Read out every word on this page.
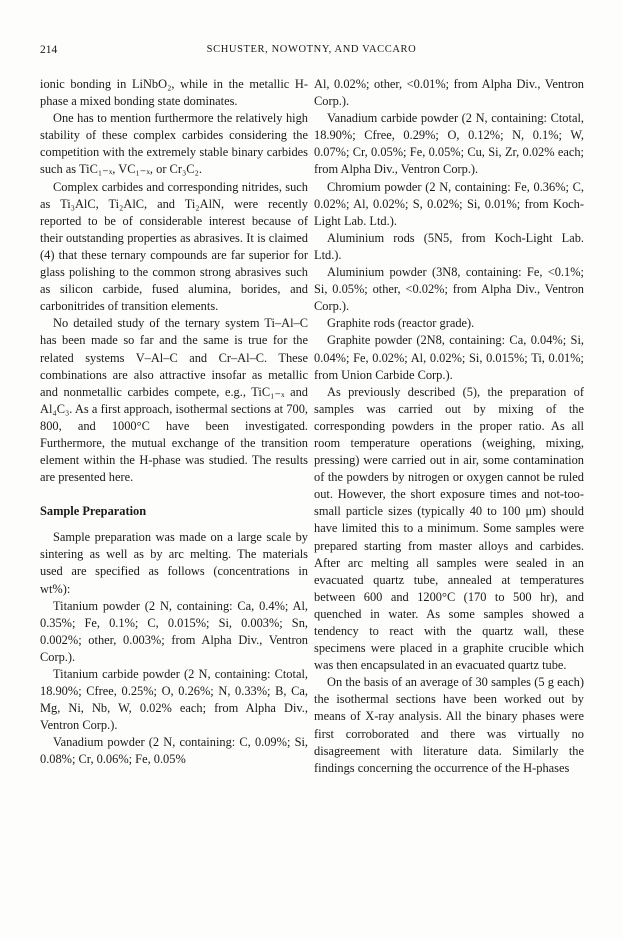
214	SCHUSTER, NOWOTNY, AND VACCARO

ionic bonding in LiNbO₂, while in the metallic H-phase a mixed bonding state dominates.

One has to mention furthermore the relatively high stability of these complex carbides considering the competition with the extremely stable binary carbides such as TiC₁₋ₓ, VC₁₋ₓ, or Cr₃C₂.

Complex carbides and corresponding nitrides, such as Ti₃AlC, Ti₂AlC, and Ti₂AlN, were recently reported to be of considerable interest because of their outstanding properties as abrasives. It is claimed (4) that these ternary compounds are far superior for glass polishing to the common strong abrasives such as silicon carbide, fused alumina, borides, and carbonitrides of transition elements.

No detailed study of the ternary system Ti–Al–C has been made so far and the same is true for the related systems V–Al–C and Cr–Al–C. These combinations are also attractive insofar as metallic and nonmetallic carbides compete, e.g., TiC₁₋ₓ and Al₄C₃. As a first approach, isothermal sections at 700, 800, and 1000°C have been investigated. Furthermore, the mutual exchange of the transition element within the H-phase was studied. The results are presented here.

Sample Preparation

Sample preparation was made on a large scale by sintering as well as by arc melting. The materials used are specified as follows (concentrations in wt%):

Titanium powder (2 N, containing: Ca, 0.4%; Al, 0.35%; Fe, 0.1%; C, 0.015%; Si, 0.003%; Sn, 0.002%; other, 0.003%; from Alpha Div., Ventron Corp.).

Titanium carbide powder (2 N, containing: Ctotal, 18.90%; Cfree, 0.25%; O, 0.26%; N, 0.33%; B, Ca, Mg, Ni, Nb, W, 0.02% each; from Alpha Div., Ventron Corp.).

Vanadium powder (2 N, containing: C, 0.09%; Si, 0.08%; Cr, 0.06%; Fe, 0.05%

Al, 0.02%; other, <0.01%; from Alpha Div., Ventron Corp.).

Vanadium carbide powder (2 N, containing: Ctotal, 18.90%; Cfree, 0.29%; O, 0.12%; N, 0.1%; W, 0.07%; Cr, 0.05%; Fe, 0.05%; Cu, Si, Zr, 0.02% each; from Alpha Div., Ventron Corp.).

Chromium powder (2 N, containing: Fe, 0.36%; C, 0.02%; Al, 0.02%; S, 0.02%; Si, 0.01%; from Koch-Light Lab. Ltd.).

Aluminium rods (5N5, from Koch-Light Lab. Ltd.).

Aluminium powder (3N8, containing: Fe, <0.1%; Si, 0.05%; other, <0.02%; from Alpha Div., Ventron Corp.).

Graphite rods (reactor grade).

Graphite powder (2N8, containing: Ca, 0.04%; Si, 0.04%; Fe, 0.02%; Al, 0.02%; Si, 0.015%; Ti, 0.01%; from Union Carbide Corp.).

As previously described (5), the preparation of samples was carried out by mixing of the corresponding powders in the proper ratio. As all room temperature operations (weighing, mixing, pressing) were carried out in air, some contamination of the powders by nitrogen or oxygen cannot be ruled out. However, the short exposure times and not-too-small particle sizes (typically 40 to 100 μm) should have limited this to a minimum. Some samples were prepared starting from master alloys and carbides. After arc melting all samples were sealed in an evacuated quartz tube, annealed at temperatures between 600 and 1200°C (170 to 500 hr), and quenched in water. As some samples showed a tendency to react with the quartz wall, these specimens were placed in a graphite crucible which was then encapsulated in an evacuated quartz tube.

On the basis of an average of 30 samples (5 g each) the isothermal sections have been worked out by means of X-ray analysis. All the binary phases were first corroborated and there was virtually no disagreement with literature data. Similarly the findings concerning the occurrence of the H-phases
